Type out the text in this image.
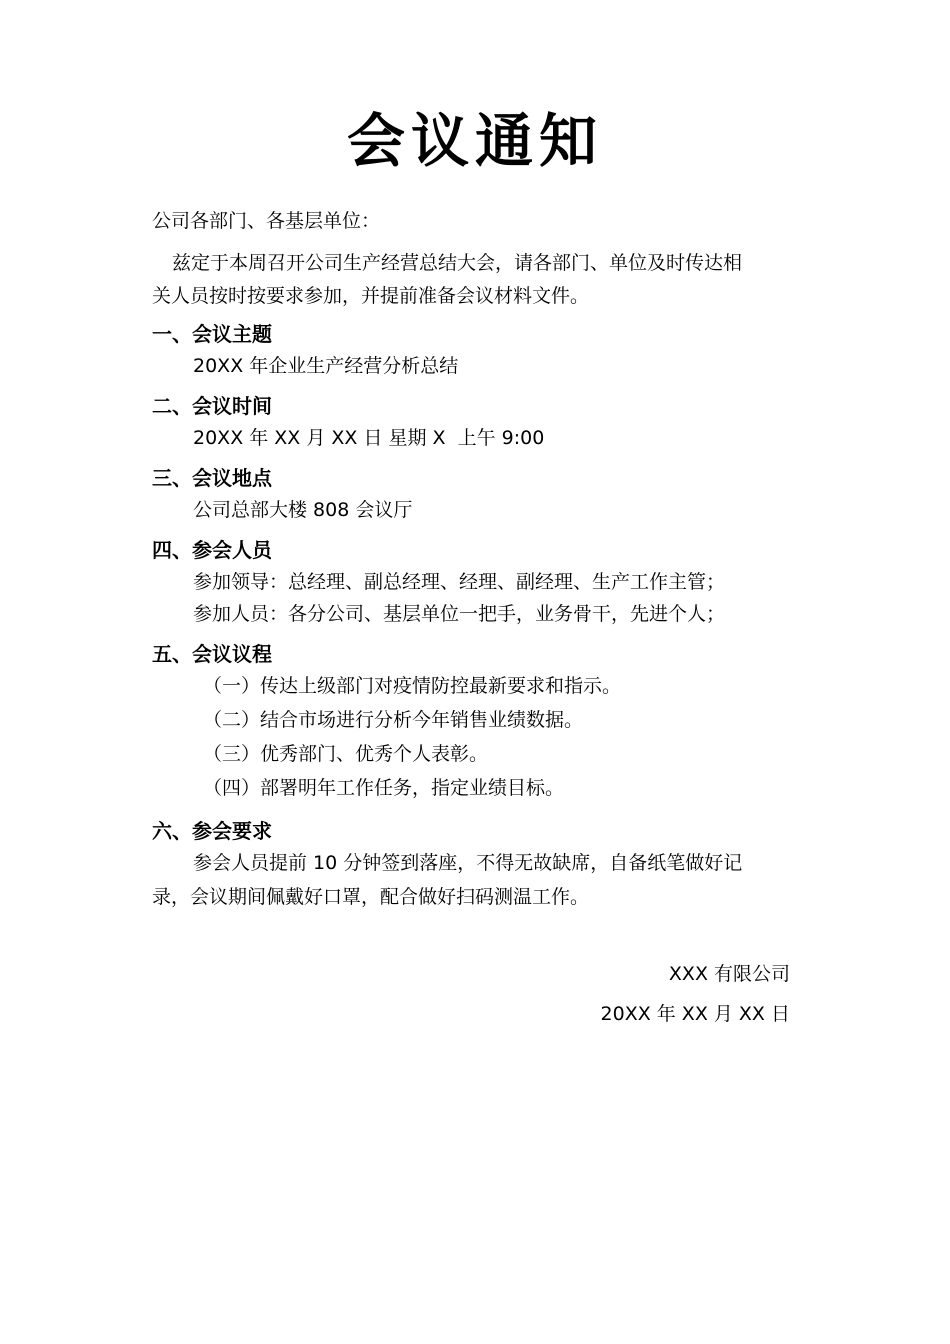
会议通知
公司各部门、各基层单位：
兹定于本周召开公司生产经营总结大会，请各部门、单位及时传达相
关人员按时按要求参加，并提前准备会议材料文件。
一、会议主题
20XX 年企业生产经营分析总结
二、会议时间
20XX 年 XX 月 XX 日 星期 X  上午 9:00
三、会议地点
公司总部大楼 808 会议厅
四、参会人员
参加领导：总经理、副总经理、经理、副经理、生产工作主管；
参加人员：各分公司、基层单位一把手，业务骨干，先进个人；
五、会议议程
（一）传达上级部门对疫情防控最新要求和指示。
（二）结合市场进行分析今年销售业绩数据。
（三）优秀部门、优秀个人表彰。
（四）部署明年工作任务，指定业绩目标。
六、参会要求
参会人员提前 10 分钟签到落座，不得无故缺席，自备纸笔做好记
录，会议期间佩戴好口罩，配合做好扫码测温工作。
XXX 有限公司
20XX 年 XX 月 XX 日
